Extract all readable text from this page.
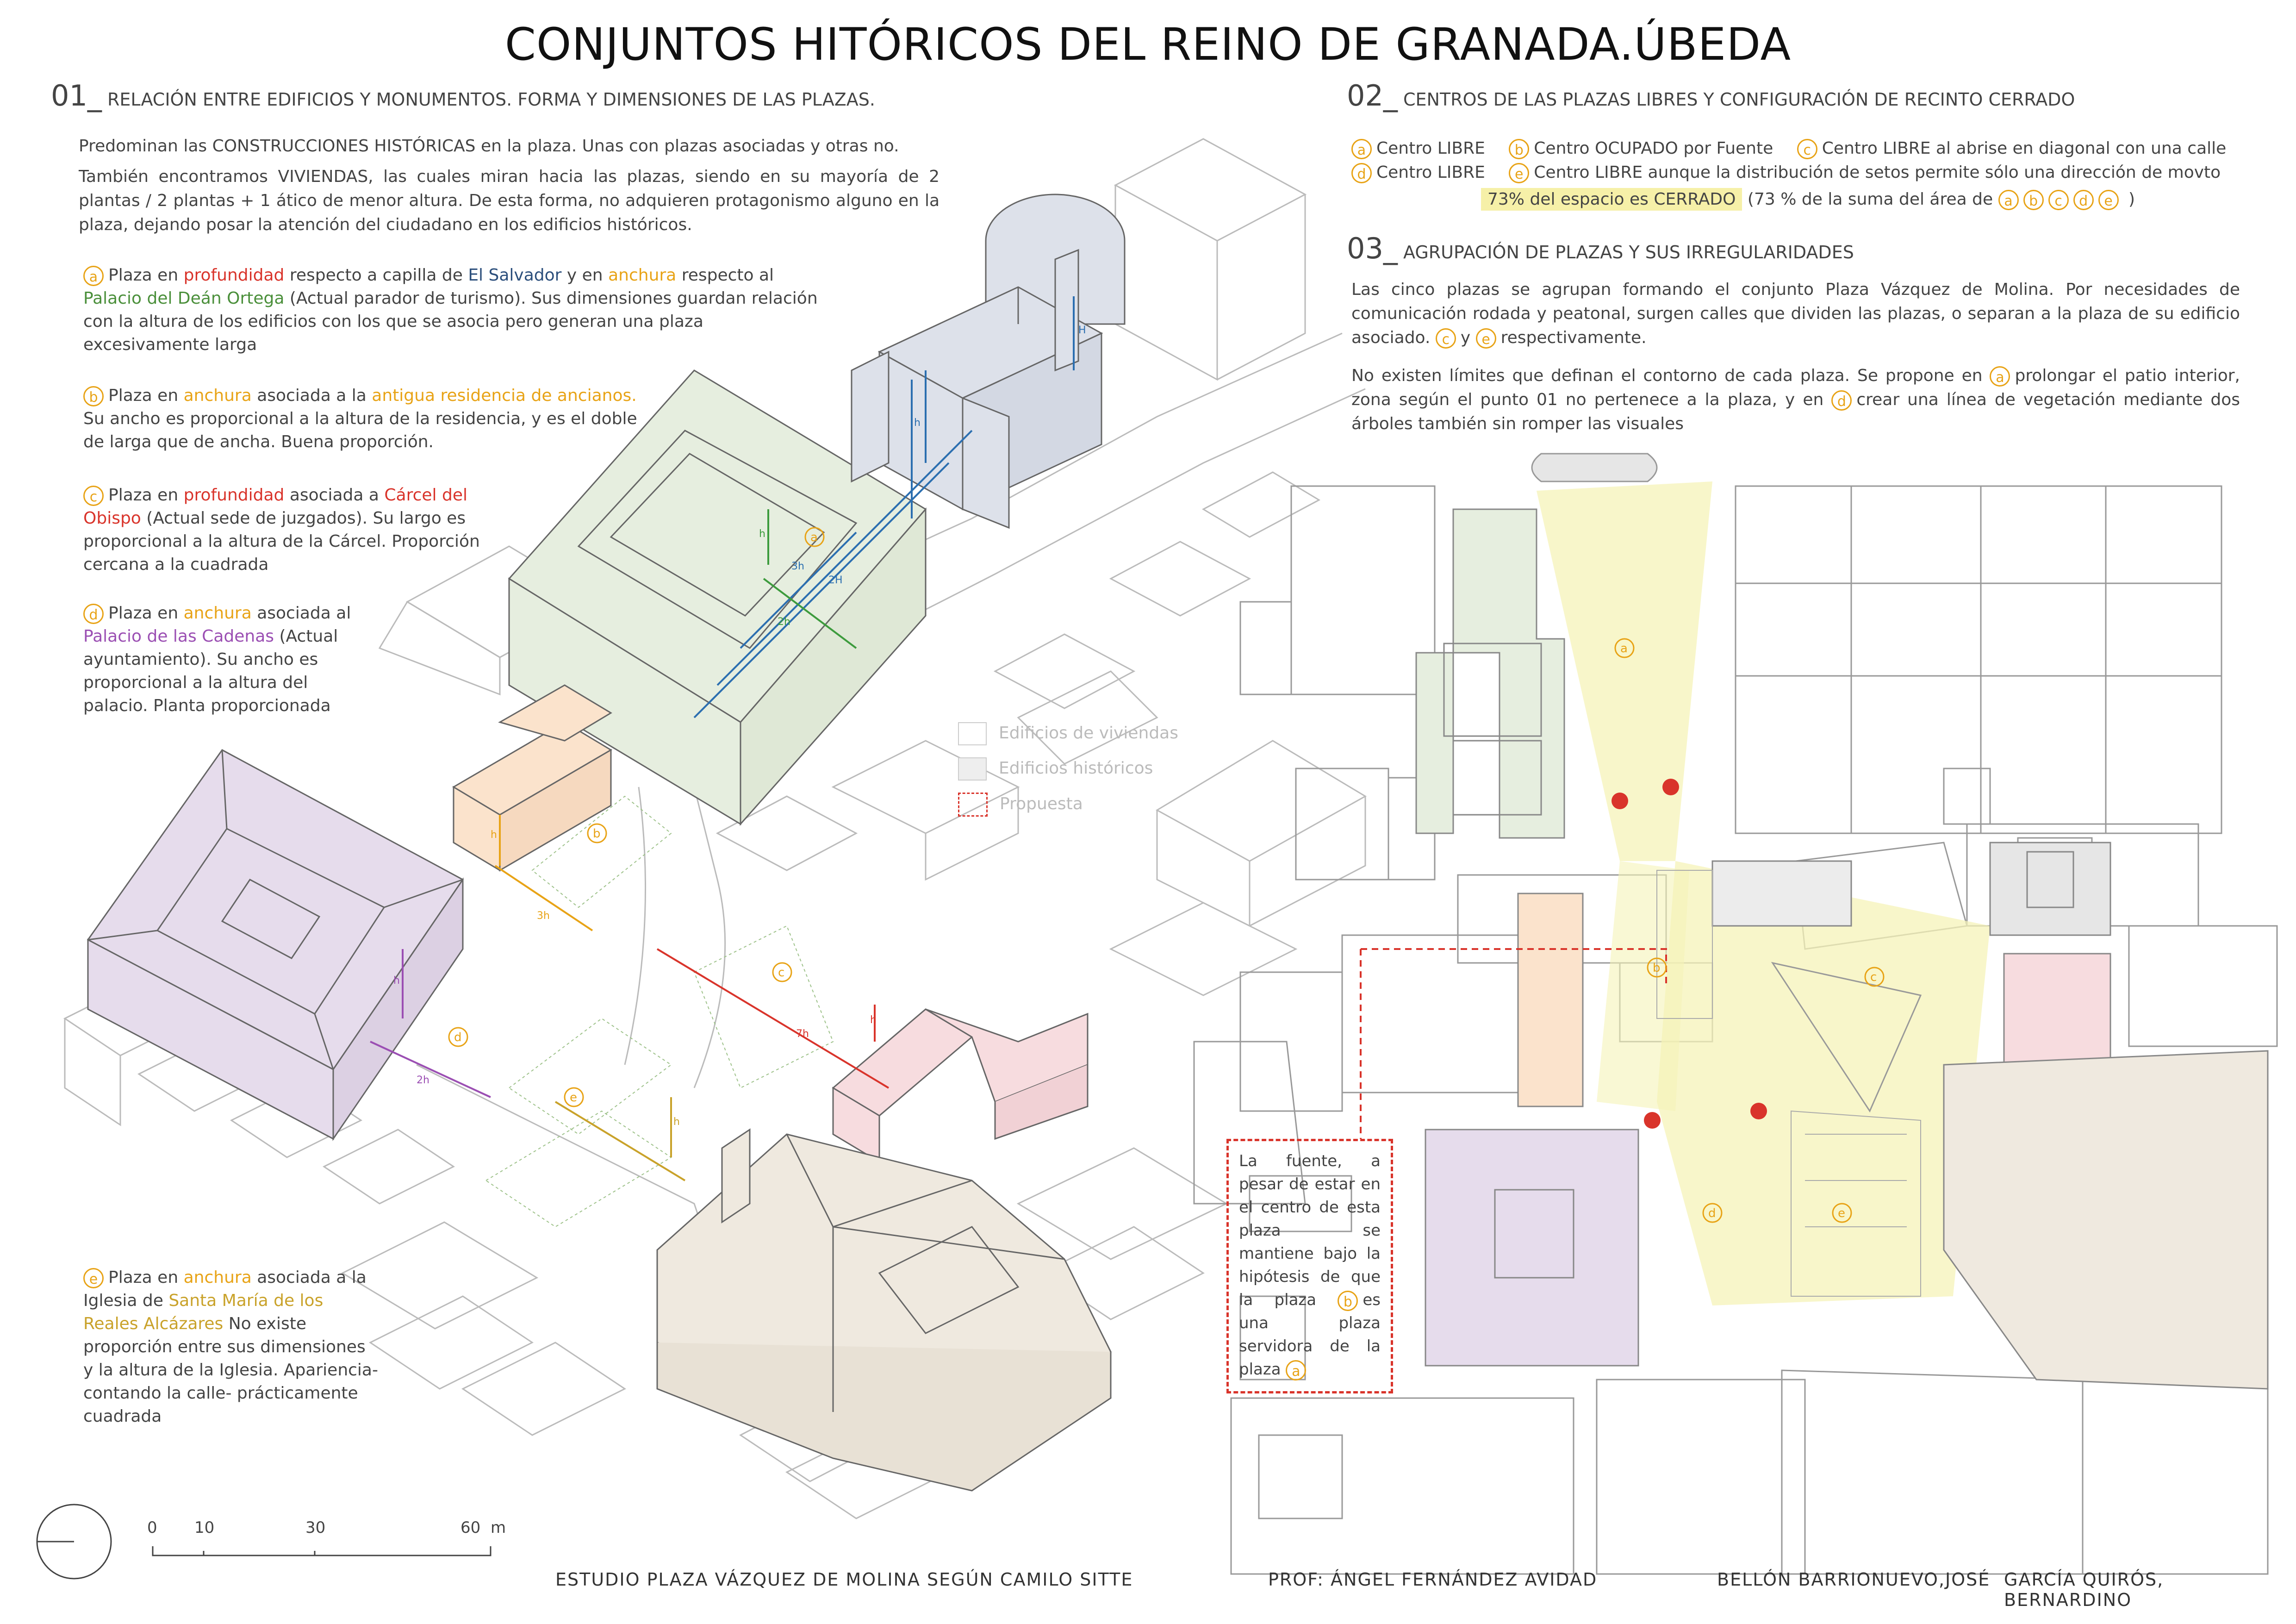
CONJUNTOS HITÓRICOS DEL REINO DE GRANADA.ÚBEDA
3h
2H
H
h
2h
h
3h
h
7h
h
2h
h
h
a
b
c
d
e
a
b
c
d	e
01_ RELACIÓN ENTRE EDIFICIOS Y MONUMENTOS. FORMA Y DIMENSIONES DE LAS PLAZAS.
Predominan las CONSTRUCCIONES HISTÓRICAS en la plaza. Unas con plazas asociadas y otras no.
También encontramos VIVIENDAS, las cuales miran hacia las plazas, siendo en su mayoría de 2 plantas / 2 plantas + 1 ático de menor altura. De esta forma, no adquieren protagonismo alguno en la plaza, dejando posar la atención del ciudadano en los edificios históricos.
a Plaza en profundidad respecto a capilla de El Salvador y en anchura respecto al Palacio del Deán Ortega (Actual parador de turismo). Sus dimensiones guardan relación con la altura de los edificios con los que se asocia pero generan una plaza excesivamente larga
b Plaza en anchura asociada a la antigua residencia de ancianos. Su ancho es proporcional a la altura de la residencia, y es el doble de larga que de ancha. Buena proporción.
c Plaza en profundidad asociada a Cárcel del Obispo (Actual sede de juzgados). Su largo es proporcional a la altura de la Cárcel. Proporción cercana a la cuadrada
d Plaza en anchura asociada al Palacio de las Cadenas (Actual ayuntamiento). Su ancho es proporcional a la altura del palacio. Planta proporcionada
e Plaza en anchura asociada a la Iglesia de Santa María de los Reales Alcázares No existe proporción entre sus dimensiones y la altura de la Iglesia. Apariencia-contando la calle- prácticamente cuadrada
Edificios de viviendas
Edificios históricos
Propuesta
02_ CENTROS DE LAS PLAZAS LIBRES Y CONFIGURACIÓN DE RECINTO CERRADO
a Centro LIBRE b Centro OCUPADO por Fuente c Centro LIBRE al abrise en diagonal con una calle
d Centro LIBRE e Centro LIBRE aunque la distribución de setos permite sólo una dirección de movto
73% del espacio es CERRADO (73 % de la suma del área de a b c d e )
03_ AGRUPACIÓN DE PLAZAS Y SUS IRREGULARIDADES
Las cinco plazas se agrupan formando el conjunto Plaza Vázquez de Molina. Por necesidades de comunicación rodada y peatonal, surgen calles que dividen las plazas, o separan a la plaza de su edificio asociado. c y e respectivamente.
No existen límites que definan el contorno de cada plaza. Se propone en a prolongar el patio interior, zona según el punto 01 no pertenece a la plaza, y en d crear una línea de vegetación mediante dos árboles también sin romper las visuales
La fuente, a pesar de estar en el centro de esta plaza se mantiene bajo la hipótesis de que la plaza b es una plaza servidora de la plaza a
0 10	30	60 m
ESTUDIO PLAZA VÁZQUEZ DE MOLINA SEGÚN CAMILO SITTE	PROF: ÁNGEL FERNÁNDEZ AVIDAD	BELLÓN BARRIONUEVO,JOSÉ GARCÍA QUIRÓS, BERNARDINO
